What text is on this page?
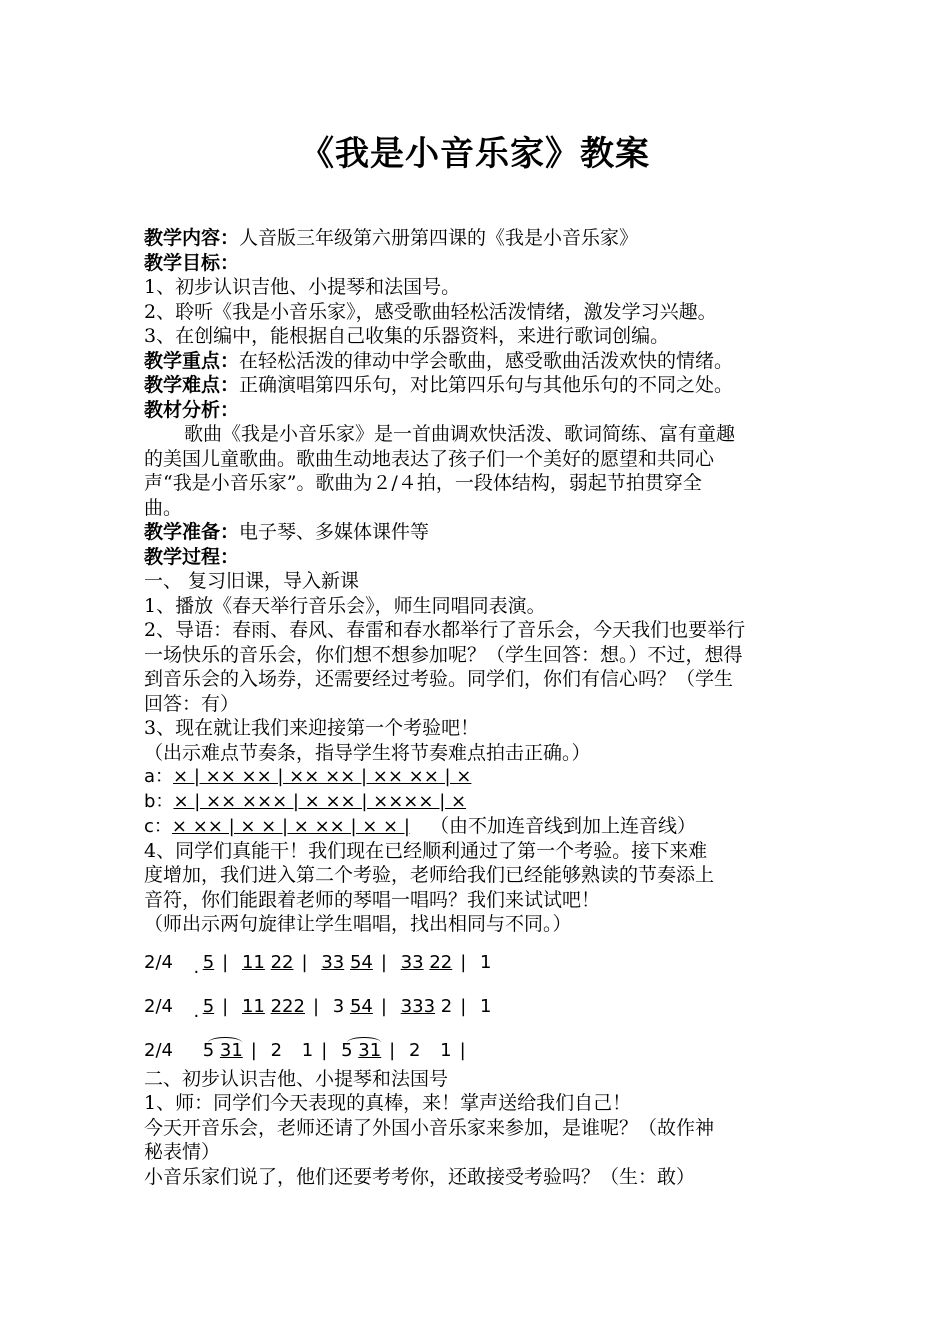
《我是小音乐家》教案
教学内容：人音版三年级第六册第四课的《我是小音乐家》
教学目标：
1、初步认识吉他、小提琴和法国号。
2、聆听《我是小音乐家》，感受歌曲轻松活泼情绪，激发学习兴趣。
3、在创编中，能根据自己收集的乐器资料，来进行歌词创编。
教学重点：在轻松活泼的律动中学会歌曲，感受歌曲活泼欢快的情绪。
教学难点：正确演唱第四乐句，对比第四乐句与其他乐句的不同之处。
教材分析：
歌曲《我是小音乐家》是一首曲调欢快活泼、歌词简练、富有童趣
的美国儿童歌曲。歌曲生动地表达了孩子们一个美好的愿望和共同心
声“我是小音乐家”。歌曲为２/４拍，一段体结构，弱起节拍贯穿全
曲。
教学准备：电子琴、多媒体课件等
教学过程：
一、 复习旧课，导入新课
1、播放《春天举行音乐会》，师生同唱同表演。
2、导语：春雨、春风、春雷和春水都举行了音乐会，今天我们也要举行
一场快乐的音乐会，你们想不想参加呢？（学生回答：想。）不过，想得
到音乐会的入场券，还需要经过考验。同学们，你们有信心吗？（学生
回答：有）
3、现在就让我们来迎接第一个考验吧！
（出示难点节奏条，指导学生将节奏难点拍击正确。）
a：× | ×× ×× | ×× ×× | ×× ×× | ×
b：× | ×× ××× | × ×× | ×××× | ×
c：× ×× | × × | × ×× | × × | （由不加连音线到加上连音线）
4、同学们真能干！我们现在已经顺利通过了第一个考验。接下来难
度增加，我们进入第二个考验，老师给我们已经能够熟读的节奏添上
音符，你们能跟着老师的琴唱一唱吗？我们来试试吧！
（师出示两句旋律让学生唱唱，找出相同与不同。）
2/4 5 · | 11 22 | 33 54 | 33 22 | 1
2/4 5 · | 11 222 | 3 54 | 333 2 | 1
2/4 5 31 | 2 1 | 5 31 | 2 1 |
二、初步认识吉他、小提琴和法国号
1、师：同学们今天表现的真棒，来！掌声送给我们自己！
今天开音乐会，老师还请了外国小音乐家来参加，是谁呢？（故作神
秘表情）
小音乐家们说了，他们还要考考你，还敢接受考验吗？（生：敢）
